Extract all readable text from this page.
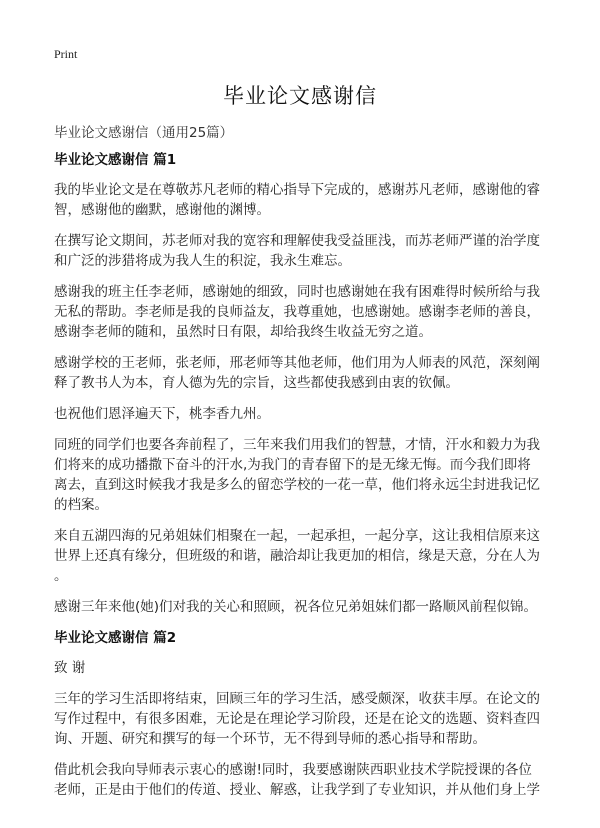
Print
毕业论文感谢信
毕业论文感谢信（通用25篇）
毕业论文感谢信 篇1
我的毕业论文是在尊敬苏凡老师的精心指导下完成的，感谢苏凡老师，感谢他的睿
智，感谢他的幽默，感谢他的渊博。
在撰写论文期间，苏老师对我的宽容和理解使我受益匪浅，而苏老师严谨的治学度
和广泛的涉猎将成为我人生的积淀，我永生难忘。
感谢我的班主任李老师，感谢她的细致，同时也感谢她在我有困难得时候所给与我
无私的帮助。李老师是我的良师益友，我尊重她，也感谢她。感谢李老师的善良，
感谢李老师的随和，虽然时日有限，却给我终生收益无穷之道。
感谢学校的王老师，张老师，邢老师等其他老师，他们用为人师表的风范，深刻阐
释了教书人为本，育人德为先的宗旨，这些都使我感到由衷的钦佩。
也祝他们恩泽遍天下，桃李香九州。
同班的同学们也要各奔前程了，三年来我们用我们的智慧，才情，汗水和毅力为我
们将来的成功播撒下奋斗的汗水,为我门的青春留下的是无缘无悔。而今我们即将
离去，直到这时候我才我是多么的留恋学校的一花一草，他们将永远尘封进我记忆
的档案。
来自五湖四海的兄弟姐妹们相聚在一起，一起承担，一起分享，这让我相信原来这
世界上还真有缘分，但班级的和谐，融洽却让我更加的相信，缘是天意，分在人为
。
感谢三年来他(她)们对我的关心和照顾，祝各位兄弟姐妹们都一路顺风前程似锦。
毕业论文感谢信 篇2
致 谢
三年的学习生活即将结束，回顾三年的学习生活，感受颇深，收获丰厚。在论文的
写作过程中，有很多困难，无论是在理论学习阶段，还是在论文的选题、资料查四
询、开题、研究和撰写的每一个环节，无不得到导师的悉心指导和帮助。
借此机会我向导师表示衷心的感谢!同时，我要感谢陕西职业技术学院授课的各位
老师，正是由于他们的传道、授业、解惑，让我学到了专业知识，并从他们身上学
